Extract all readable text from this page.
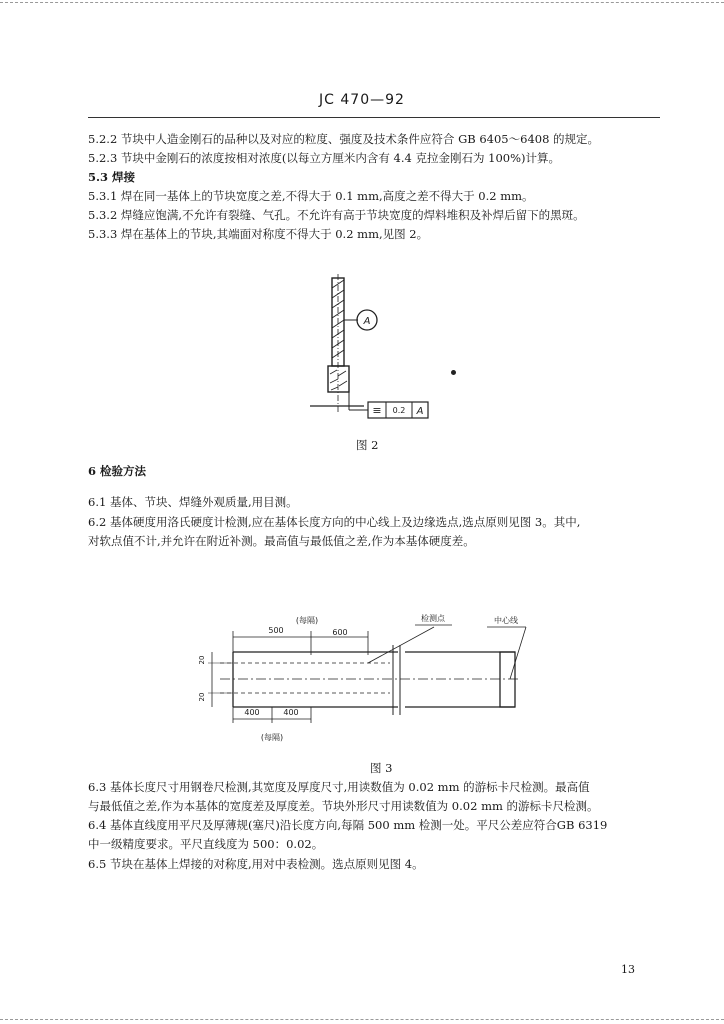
JC 470—92
5.2.2 节块中人造金刚石的品种以及对应的粒度、强度及技术条件应符合 GB 6405～6408 的规定。
5.2.3 节块中金刚石的浓度按相对浓度(以每立方厘米内含有 4.4 克拉金刚石为 100%)计算。
5.3 焊接
5.3.1 焊在同一基体上的节块宽度之差,不得大于 0.1 mm,高度之差不得大于 0.2 mm。
5.3.2 焊缝应饱满,不允许有裂缝、气孔。不允许有高于节块宽度的焊料堆积及补焊后留下的黑斑。
5.3.3 焊在基体上的节块,其端面对称度不得大于 0.2 mm,见图 2。
A
≡ 0.2 A
图 2
6 检验方法
6.1 基体、节块、焊缝外观质量,用目测。
6.2 基体硬度用洛氏硬度计检测,应在基体长度方向的中心线上及边缘选点,选点原则见图 3。其中,
对软点值不计,并允许在附近补测。最高值与最低值之差,作为本基体硬度差。
(每隔)
500	600
检测点	中心线
20
20
400	400
(每隔)
图 3
6.3 基体长度尺寸用钢卷尺检测,其宽度及厚度尺寸,用读数值为 0.02 mm 的游标卡尺检测。最高值
与最低值之差,作为本基体的宽度差及厚度差。节块外形尺寸用读数值为 0.02 mm 的游标卡尺检测。
6.4 基体直线度用平尺及厚薄规(塞尺)沿长度方向,每隔 500 mm 检测一处。平尺公差应符合GB 6319
中一级精度要求。平尺直线度为 500：0.02。
6.5 节块在基体上焊接的对称度,用对中表检测。选点原则见图 4。
13
